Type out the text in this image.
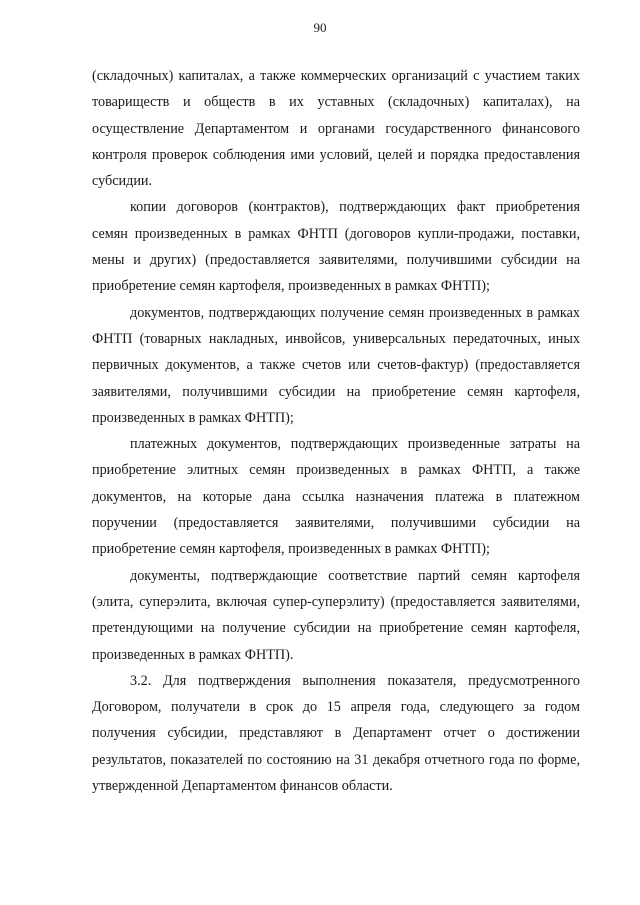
90

(складочных) капиталах, а также коммерческих организаций с участием таких товариществ и обществ в их уставных (складочных) капиталах), на осуществление Департаментом и органами государственного финансового контроля проверок соблюдения ими условий, целей и порядка предоставления субсидии.

копии договоров (контрактов), подтверждающих факт приобретения семян произведенных в рамках ФНТП (договоров купли-продажи, поставки, мены и других) (предоставляется заявителями, получившими субсидии на приобретение семян картофеля, произведенных в рамках ФНТП);

документов, подтверждающих получение семян произведенных в рамках ФНТП (товарных накладных, инвойсов, универсальных передаточных, иных первичных документов, а также счетов или счетов-фактур) (предоставляется заявителями, получившими субсидии на приобретение семян картофеля, произведенных в рамках ФНТП);

платежных документов, подтверждающих произведенные затраты на приобретение элитных семян произведенных в рамках ФНТП, а также документов, на которые дана ссылка назначения платежа в платежном поручении (предоставляется заявителями, получившими субсидии на приобретение семян картофеля, произведенных в рамках ФНТП);

документы, подтверждающие соответствие партий семян картофеля (элита, суперэлита, включая супер-суперэлиту) (предоставляется заявителями, претендующими на получение субсидии на приобретение семян картофеля, произведенных в рамках ФНТП).

3.2. Для подтверждения выполнения показателя, предусмотренного Договором, получатели в срок до 15 апреля года, следующего за годом получения субсидии, представляют в Департамент отчет о достижении результатов, показателей по состоянию на 31 декабря отчетного года по форме, утвержденной Департаментом финансов области.
